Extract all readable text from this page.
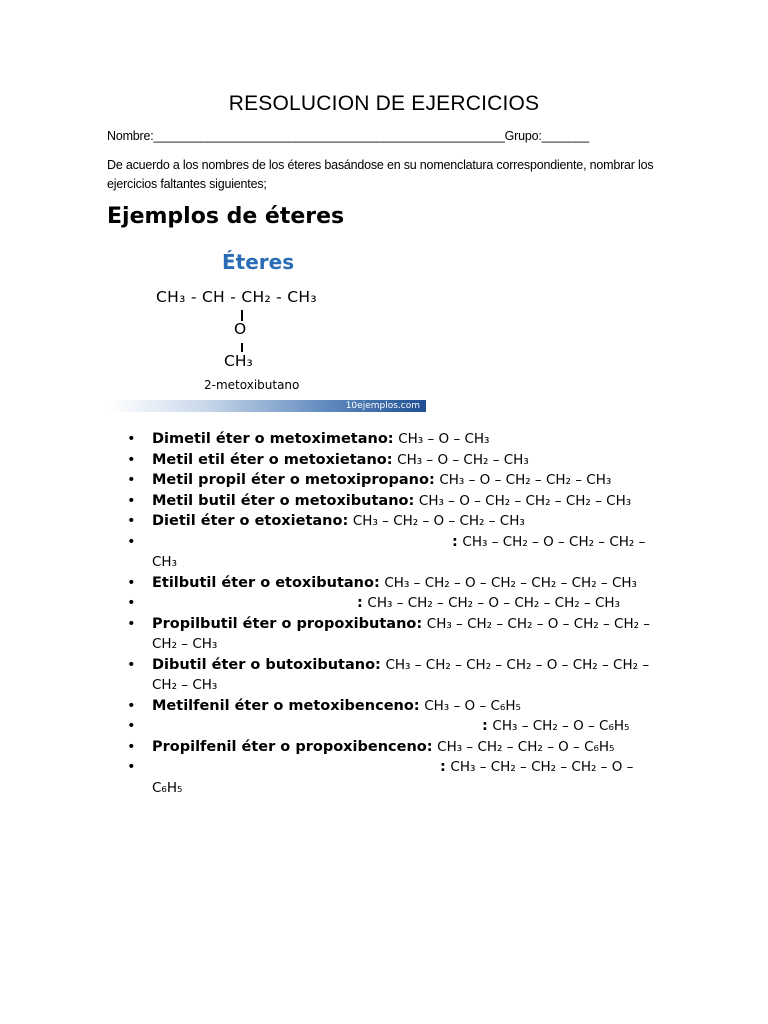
RESOLUCION DE EJERCICIOS
Nombre:____________________________________________________Grupo:_______
De acuerdo a los nombres de los éteres basándose en su nomenclatura correspondiente, nombrar los ejercicios faltantes siguientes;
Ejemplos de éteres
Éteres
CH₃ - CH - CH₂ - CH₃
O
CH₃
2-metoxibutano
10ejemplos.com
• Dimetil éter o metoximetano: CH₃ – O – CH₃
• Metil etil éter o metoxietano: CH₃ – O – CH₂ – CH₃
• Metil propil éter o metoxipropano: CH₃ – O – CH₂ – CH₂ – CH₃
• Metil butil éter o metoxibutano: CH₃ – O – CH₂ – CH₂ – CH₂ – CH₃
• Dietil éter o etoxietano: CH₃ – CH₂ – O – CH₂ – CH₃
•	: CH₃ – CH₂ – O – CH₂ – CH₂ – CH₃
• Etilbutil éter o etoxibutano: CH₃ – CH₂ – O – CH₂ – CH₂ – CH₂ – CH₃
•	: CH₃ – CH₂ – CH₂ – O – CH₂ – CH₂ – CH₃
• Propilbutil éter o propoxibutano: CH₃ – CH₂ – CH₂ – O – CH₂ – CH₂ – CH₂ – CH₃
• Dibutil éter o butoxibutano: CH₃ – CH₂ – CH₂ – CH₂ – O – CH₂ – CH₂ – CH₂ – CH₃
• Metilfenil éter o metoxibenceno: CH₃ – O – C₆H₅
•	: CH₃ – CH₂ – O – C₆H₅
• Propilfenil éter o propoxibenceno: CH₃ – CH₂ – CH₂ – O – C₆H₅
•	: CH₃ – CH₂ – CH₂ – CH₂ – O – C₆H₅
